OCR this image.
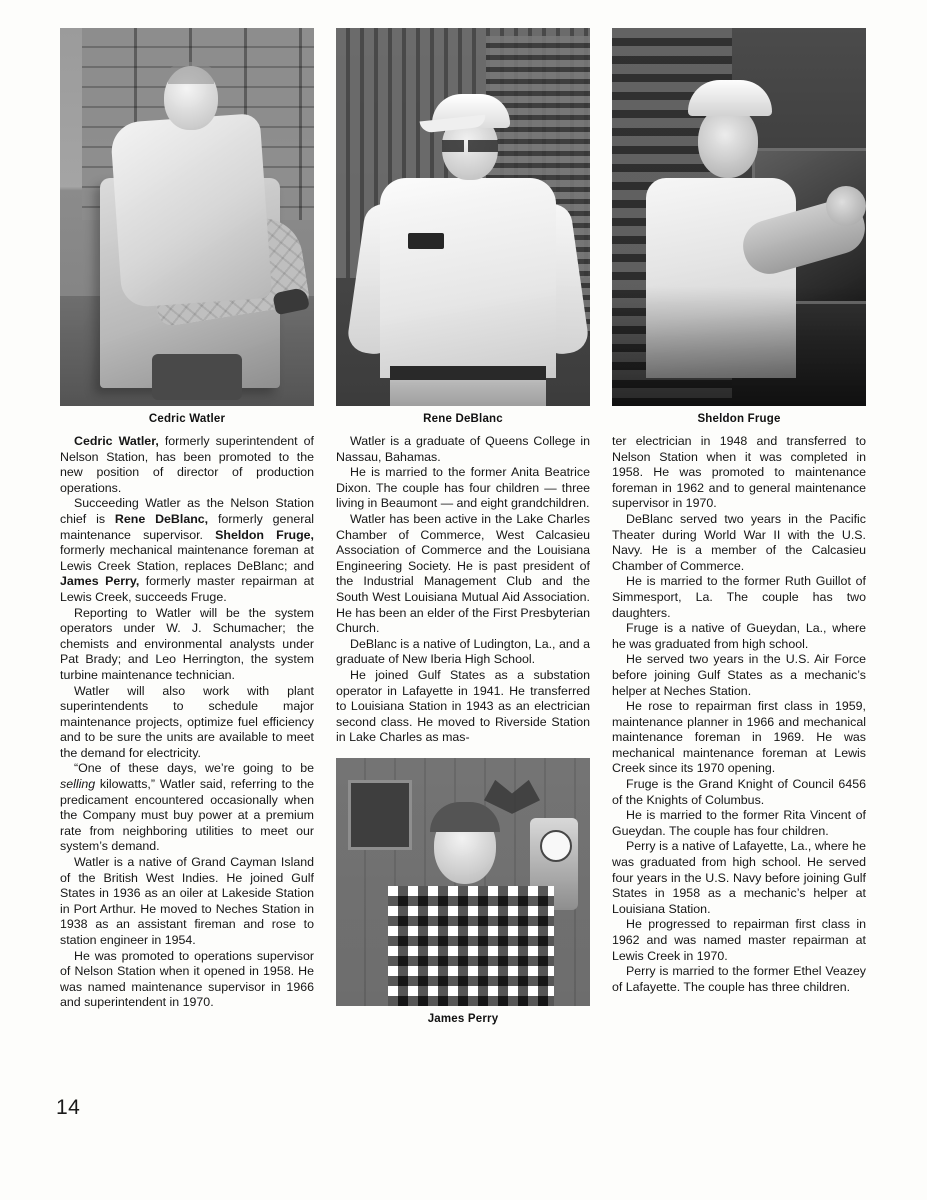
Cedric Watler

Cedric Watler, formerly superintendent of Nelson Station, has been promoted to the new position of director of production operations.

Succeeding Watler as the Nelson Station chief is Rene DeBlanc, formerly general maintenance supervisor. Sheldon Fruge, formerly mechanical maintenance foreman at Lewis Creek Station, replaces DeBlanc; and James Perry, formerly master repairman at Lewis Creek, succeeds Fruge.

Reporting to Watler will be the system operators under W. J. Schumacher; the chemists and environmental analysts under Pat Brady; and Leo Herrington, the system turbine maintenance technician.

Watler will also work with plant superintendents to schedule major maintenance projects, optimize fuel efficiency and to be sure the units are available to meet the demand for electricity.

“One of these days, we’re going to be selling kilowatts,” Watler said, referring to the predicament encountered occasionally when the Company must buy power at a premium rate from neighboring utilities to meet our system’s demand.

Watler is a native of Grand Cayman Island of the British West Indies. He joined Gulf States in 1936 as an oiler at Lakeside Station in Port Arthur. He moved to Neches Station in 1938 as an assistant fireman and rose to station engineer in 1954.

He was promoted to operations supervisor of Nelson Station when it opened in 1958. He was named maintenance supervisor in 1966 and superintendent in 1970.

Rene DeBlanc

Watler is a graduate of Queens College in Nassau, Bahamas.

He is married to the former Anita Beatrice Dixon. The couple has four children — three living in Beaumont — and eight grandchildren.

Watler has been active in the Lake Charles Chamber of Commerce, West Calcasieu Association of Commerce and the Louisiana Engineering Society. He is past president of the Industrial Management Club and the South West Louisiana Mutual Aid Association. He has been an elder of the First Presbyterian Church.

DeBlanc is a native of Ludington, La., and a graduate of New Iberia High School.

He joined Gulf States as a substation operator in Lafayette in 1941. He transferred to Louisiana Station in 1943 as an electrician second class. He moved to Riverside Station in Lake Charles as mas-

James Perry
Sheldon Fruge

ter electrician in 1948 and transferred to Nelson Station when it was completed in 1958. He was promoted to maintenance foreman in 1962 and to general maintenance supervisor in 1970.

DeBlanc served two years in the Pacific Theater during World War II with the U.S. Navy. He is a member of the Calcasieu Chamber of Commerce.

He is married to the former Ruth Guillot of Simmesport, La. The couple has two daughters.

Fruge is a native of Gueydan, La., where he was graduated from high school.

He served two years in the U.S. Air Force before joining Gulf States as a mechanic’s helper at Neches Station.

He rose to repairman first class in 1959, maintenance planner in 1966 and mechanical maintenance foreman in 1969. He was mechanical maintenance foreman at Lewis Creek since its 1970 opening.

Fruge is the Grand Knight of Council 6456 of the Knights of Columbus.

He is married to the former Rita Vincent of Gueydan. The couple has four children.

Perry is a native of Lafayette, La., where he was graduated from high school. He served four years in the U.S. Navy before joining Gulf States in 1958 as a mechanic’s helper at Louisiana Station.

He progressed to repairman first class in 1962 and was named master repairman at Lewis Creek in 1970.

Perry is married to the former Ethel Veazey of Lafayette. The couple has three children.

14
